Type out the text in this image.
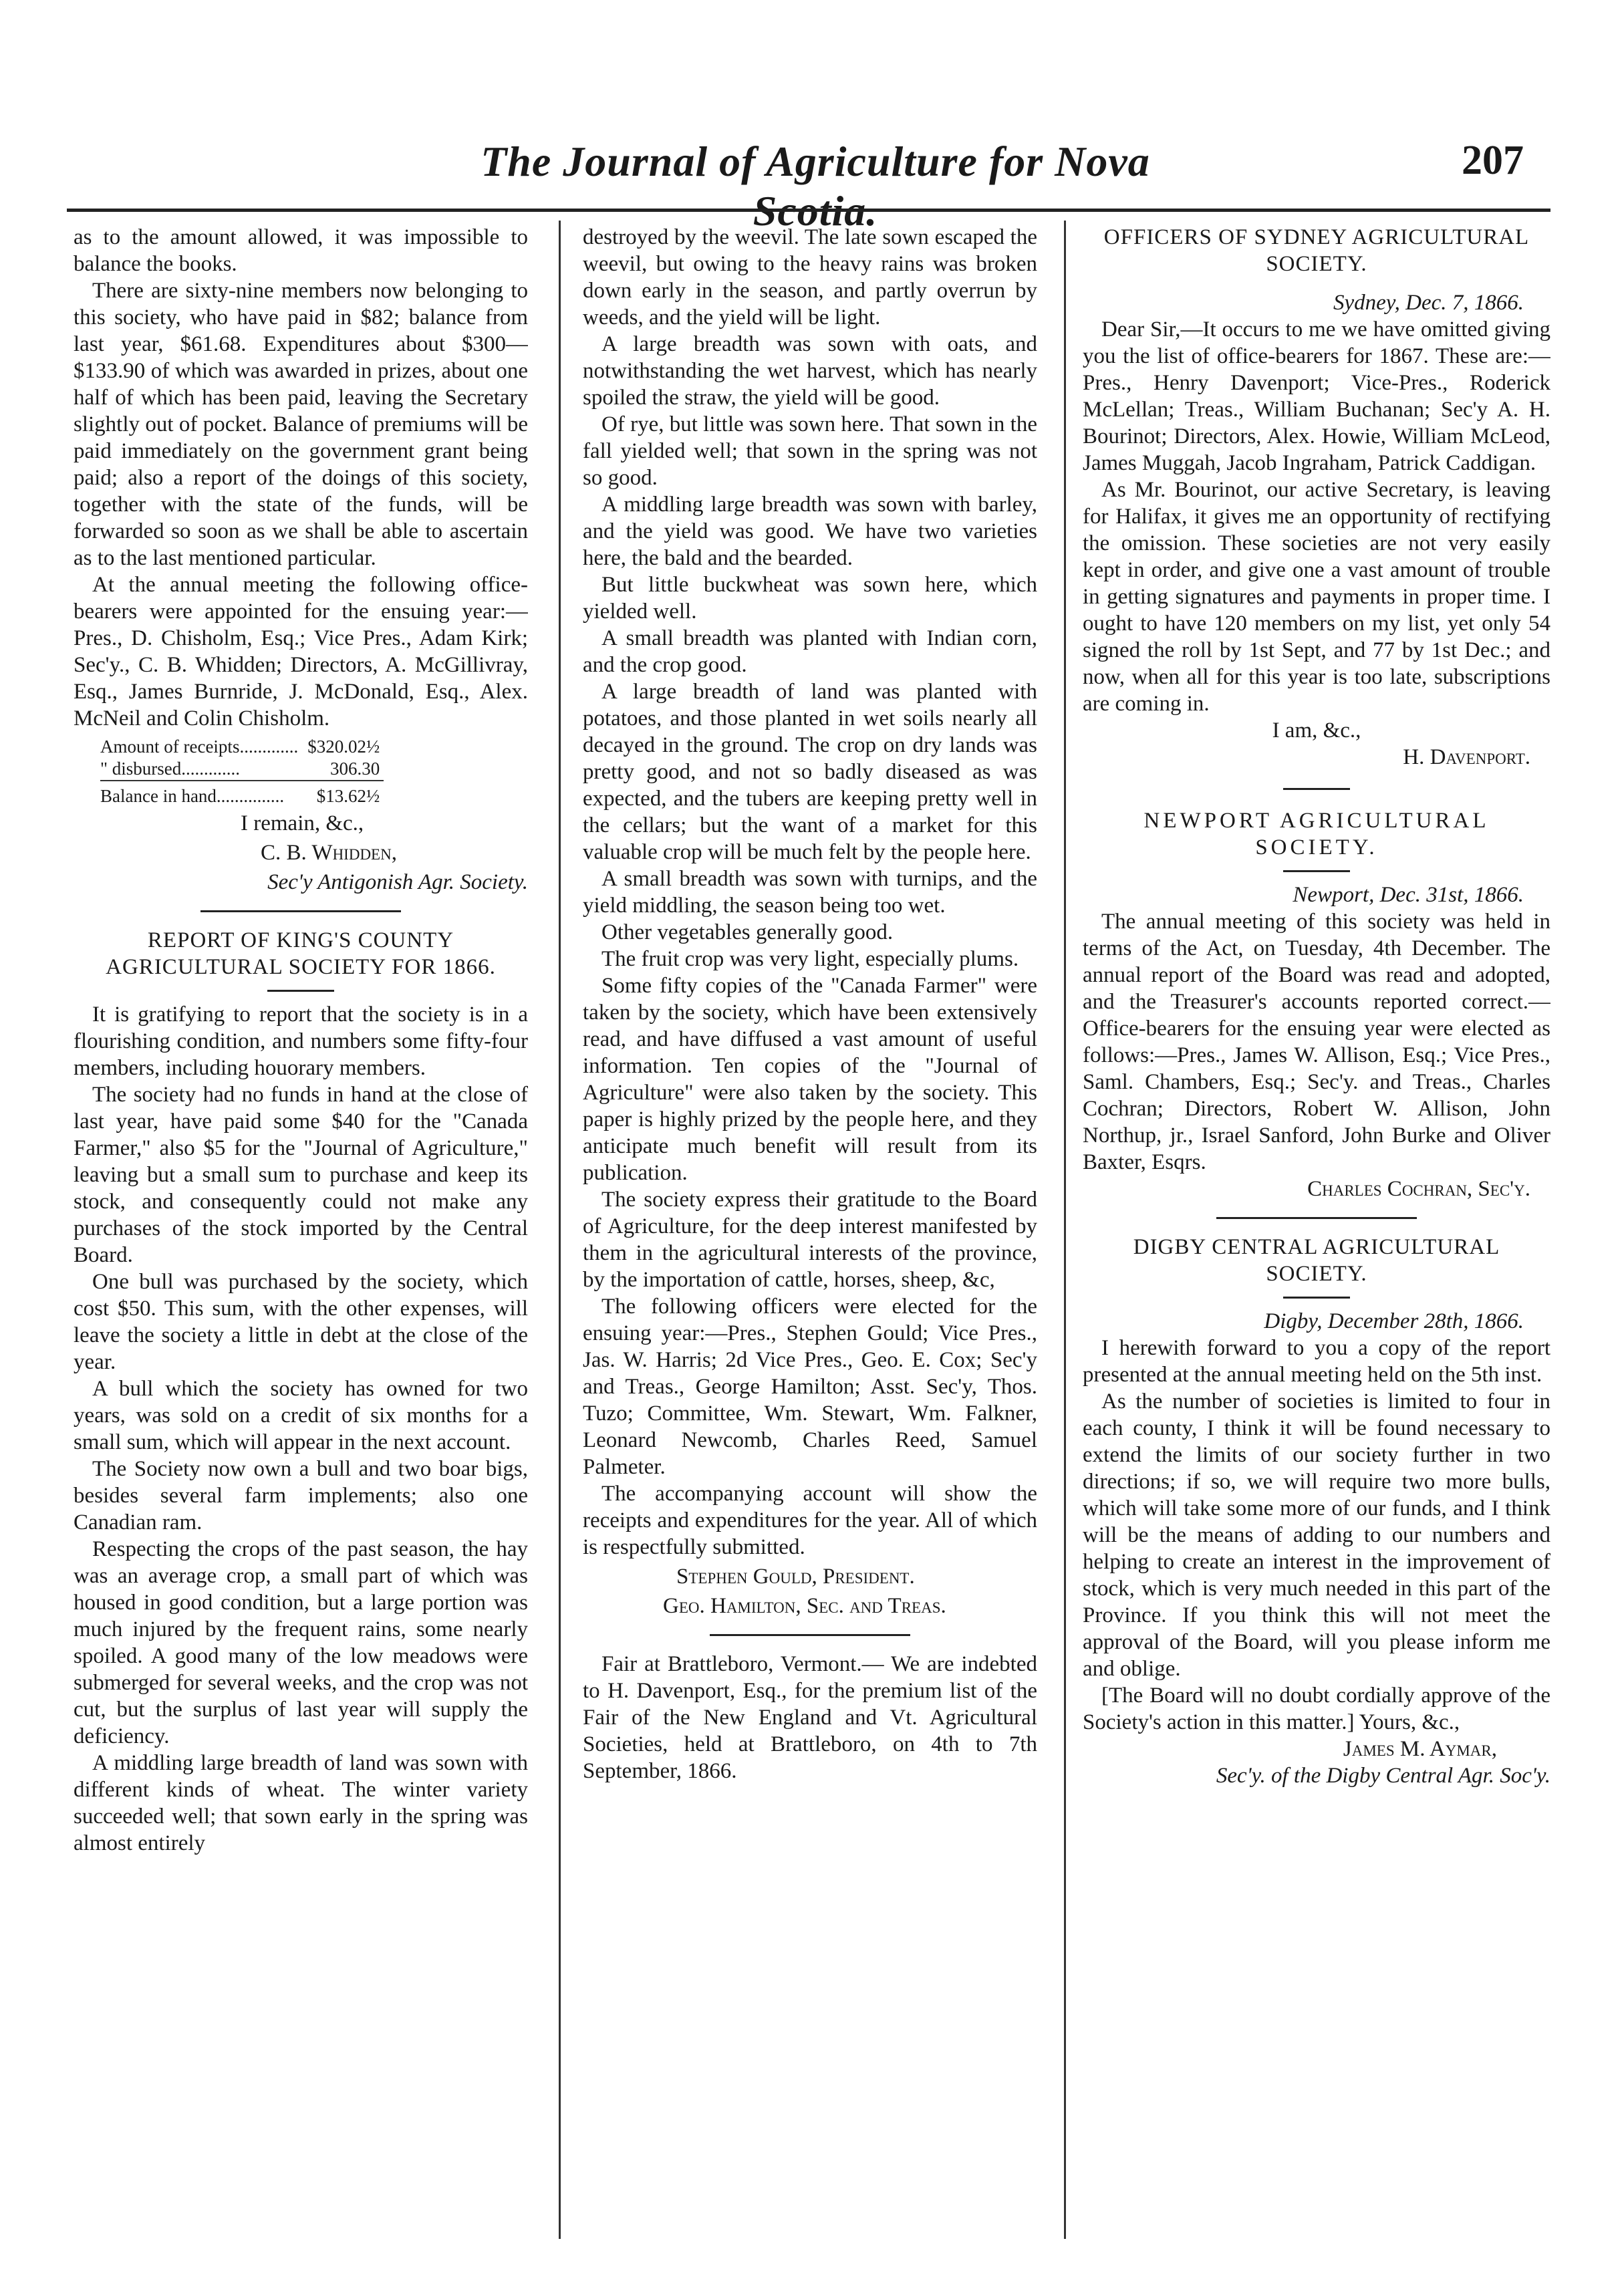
The Journal of Agriculture for Nova Scotia.
207

as to the amount allowed, it was impossible to balance the books.

There are sixty-nine members now belonging to this society, who have paid in $82; balance from last year, $61.68. Expenditures about $300—$133.90 of which was awarded in prizes, about one half of which has been paid, leaving the Secretary slightly out of pocket. Balance of premiums will be paid immediately on the government grant being paid; also a report of the doings of this society, together with the state of the funds, will be forwarded so soon as we shall be able to ascertain as to the last mentioned particular.

At the annual meeting the following office-bearers were appointed for the ensuing year:—Pres., D. Chisholm, Esq.; Vice Pres., Adam Kirk; Sec'y., C. B. Whidden; Directors, A. McGillivray, Esq., James Burnride, J. McDonald, Esq., Alex. McNeil and Colin Chisholm.

Amount of receipts.............	$320.02½
" disbursed.............	306.30
Balance in hand...............	$13.62½

I remain, &c.,

C. B. Whidden,

Sec'y Antigonish Agr. Society.

REPORT OF KING'S COUNTY AGRICULTURAL SOCIETY FOR 1866.

It is gratifying to report that the society is in a flourishing condition, and numbers some fifty-four members, including houorary members.

The society had no funds in hand at the close of last year, have paid some $40 for the "Canada Farmer," also $5 for the "Journal of Agriculture," leaving but a small sum to purchase and keep its stock, and consequently could not make any purchases of the stock imported by the Central Board.

One bull was purchased by the society, which cost $50. This sum, with the other expenses, will leave the society a little in debt at the close of the year.

A bull which the society has owned for two years, was sold on a credit of six months for a small sum, which will appear in the next account.

The Society now own a bull and two boar bigs, besides several farm implements; also one Canadian ram.

Respecting the crops of the past season, the hay was an average crop, a small part of which was housed in good condition, but a large portion was much injured by the frequent rains, some nearly spoiled. A good many of the low meadows were submerged for several weeks, and the crop was not cut, but the surplus of last year will supply the deficiency.

A middling large breadth of land was sown with different kinds of wheat. The winter variety succeeded well; that sown early in the spring was almost entirely

destroyed by the weevil. The late sown escaped the weevil, but owing to the heavy rains was broken down early in the season, and partly overrun by weeds, and the yield will be light.

A large breadth was sown with oats, and notwithstanding the wet harvest, which has nearly spoiled the straw, the yield will be good.

Of rye, but little was sown here. That sown in the fall yielded well; that sown in the spring was not so good.

A middling large breadth was sown with barley, and the yield was good. We have two varieties here, the bald and the bearded.

But little buckwheat was sown here, which yielded well.

A small breadth was planted with Indian corn, and the crop good.

A large breadth of land was planted with potatoes, and those planted in wet soils nearly all decayed in the ground. The crop on dry lands was pretty good, and not so badly diseased as was expected, and the tubers are keeping pretty well in the cellars; but the want of a market for this valuable crop will be much felt by the people here.

A small breadth was sown with turnips, and the yield middling, the season being too wet.

Other vegetables generally good.

The fruit crop was very light, especially plums.

Some fifty copies of the "Canada Farmer" were taken by the society, which have been extensively read, and have diffused a vast amount of useful information. Ten copies of the "Journal of Agriculture" were also taken by the society. This paper is highly prized by the people here, and they anticipate much benefit will result from its publication.

The society express their gratitude to the Board of Agriculture, for the deep interest manifested by them in the agricultural interests of the province, by the importation of cattle, horses, sheep, &c,

The following officers were elected for the ensuing year:—Pres., Stephen Gould; Vice Pres., Jas. W. Harris; 2d Vice Pres., Geo. E. Cox; Sec'y and Treas., George Hamilton; Asst. Sec'y, Thos. Tuzo; Committee, Wm. Stewart, Wm. Falkner, Leonard Newcomb, Charles Reed, Samuel Palmeter.

The accompanying account will show the receipts and expenditures for the year. All of which is respectfully submitted.

Stephen Gould, President.

Geo. Hamilton, Sec. and Treas.

Fair at Brattleboro, Vermont.— We are indebted to H. Davenport, Esq., for the premium list of the Fair of the New England and Vt. Agricultural Societies, held at Brattleboro, on 4th to 7th September, 1866.

OFFICERS OF SYDNEY AGRICULTURAL SOCIETY.

Sydney, Dec. 7, 1866.

Dear Sir,—It occurs to me we have omitted giving you the list of office-bearers for 1867. These are:—Pres., Henry Davenport; Vice-Pres., Roderick McLellan; Treas., William Buchanan; Sec'y A. H. Bourinot; Directors, Alex. Howie, William McLeod, James Muggah, Jacob Ingraham, Patrick Caddigan.

As Mr. Bourinot, our active Secretary, is leaving for Halifax, it gives me an opportunity of rectifying the omission. These societies are not very easily kept in order, and give one a vast amount of trouble in getting signatures and payments in proper time. I ought to have 120 members on my list, yet only 54 signed the roll by 1st Sept, and 77 by 1st Dec.; and now, when all for this year is too late, subscriptions are coming in.

I am, &c.,

H. Davenport.

NEWPORT AGRICULTURAL SOCIETY.

Newport, Dec. 31st, 1866.

The annual meeting of this society was held in terms of the Act, on Tuesday, 4th December. The annual report of the Board was read and adopted, and the Treasurer's accounts reported correct.— Office-bearers for the ensuing year were elected as follows:—Pres., James W. Allison, Esq.; Vice Pres., Saml. Chambers, Esq.; Sec'y. and Treas., Charles Cochran; Directors, Robert W. Allison, John Northup, jr., Israel Sanford, John Burke and Oliver Baxter, Esqrs.

Charles Cochran, Sec'y.

DIGBY CENTRAL AGRICULTURAL SOCIETY.

Digby, December 28th, 1866.

I herewith forward to you a copy of the report presented at the annual meeting held on the 5th inst.

As the number of societies is limited to four in each county, I think it will be found necessary to extend the limits of our society further in two directions; if so, we will require two more bulls, which will take some more of our funds, and I think will be the means of adding to our numbers and helping to create an interest in the improvement of stock, which is very much needed in this part of the Province. If you think this will not meet the approval of the Board, will you please inform me and oblige.

[The Board will no doubt cordially approve of the Society's action in this matter.] Yours, &c.,

James M. Aymar,

Sec'y. of the Digby Central Agr. Soc'y.
